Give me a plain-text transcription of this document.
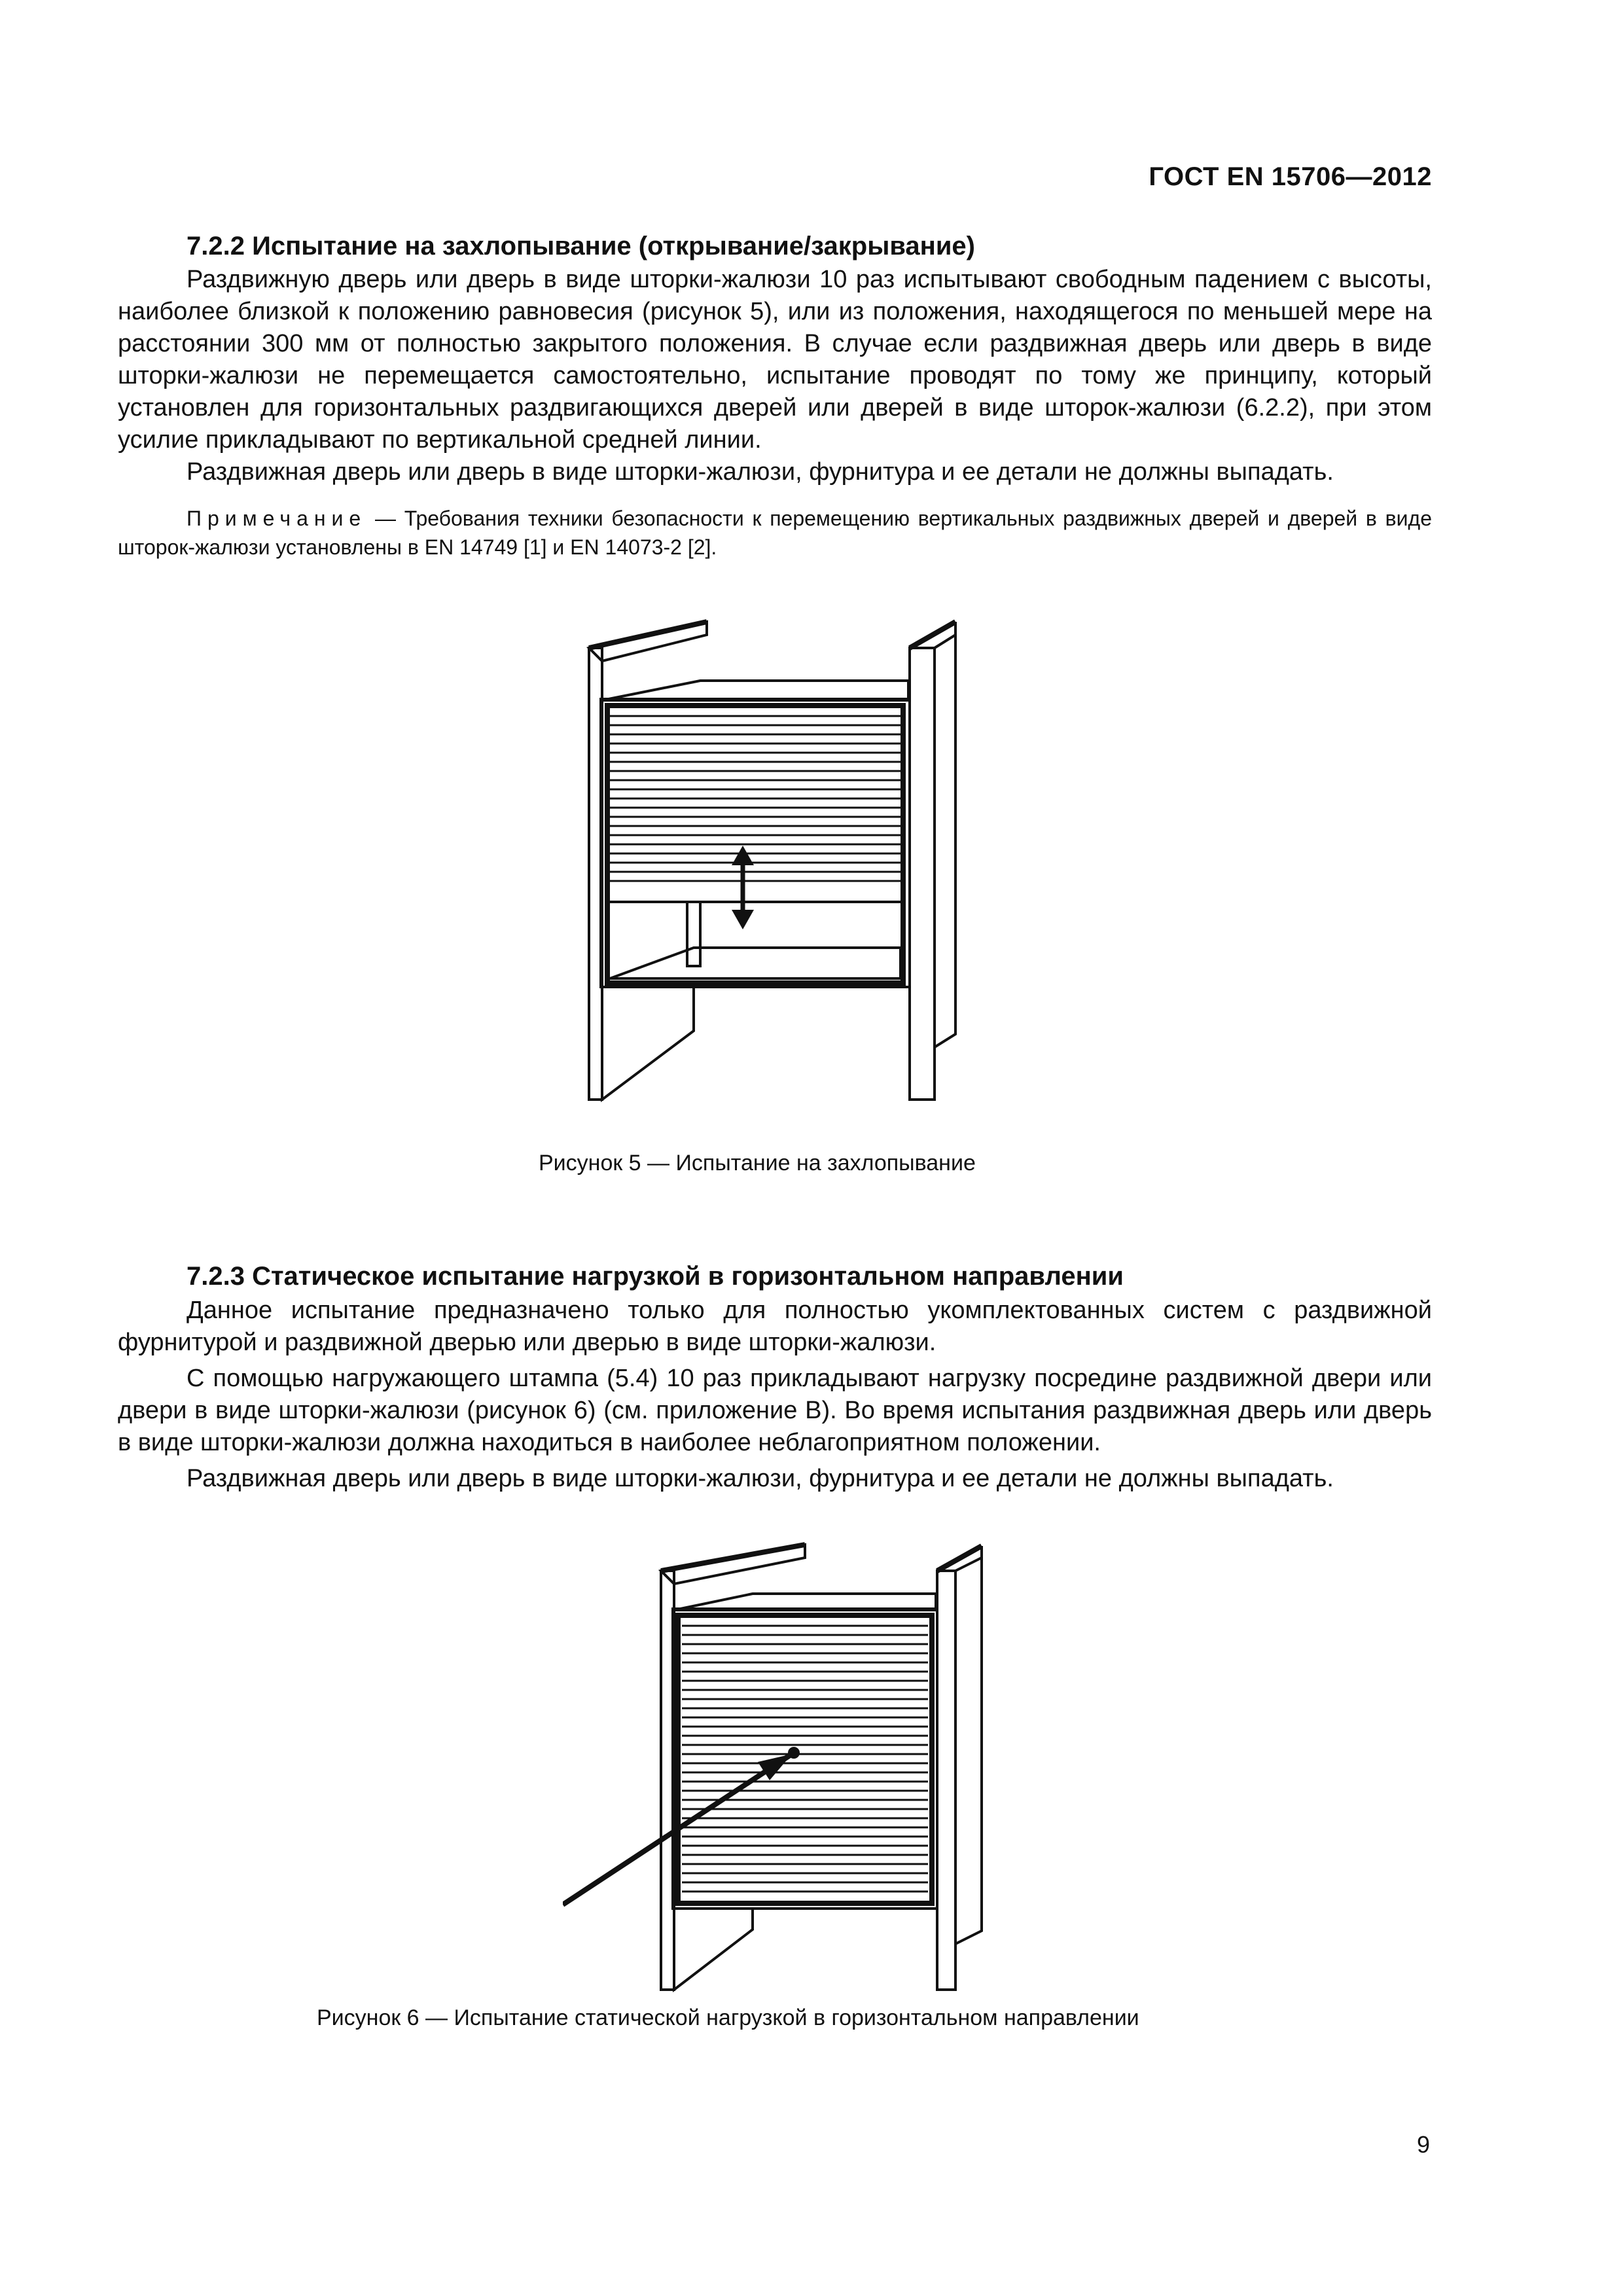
ГОСТ EN 15706—2012
7.2.2 Испытание на захлопывание (открывание/закрывание)

Раздвижную дверь или дверь в виде шторки-жалюзи 10 раз испытывают свободным падением с высоты, наиболее близкой к положению равновесия (рисунок 5), или из положения, находящегося по меньшей мере на расстоянии 300 мм от полностью закрытого положения. В случае если раздвижная дверь или дверь в виде шторки-жалюзи не перемещается самостоятельно, испытание проводят по тому же принципу, который установлен для горизонтальных раздвигающихся дверей или дверей в виде шторок-жалюзи (6.2.2), при этом усилие прикладывают по вертикальной средней линии.

Раздвижная дверь или дверь в виде шторки-жалюзи, фурнитура и ее детали не должны выпадать.

Примечание — Требования техники безопасности к перемещению вертикальных раздвижных дверей и дверей в виде шторок-жалюзи установлены в EN 14749 [1] и EN 14073-2 [2].

Рисунок 5 — Испытание на захлопывание
7.2.3 Статическое испытание нагрузкой в горизонтальном направлении

Данное испытание предназначено только для полностью укомплектованных систем с раздвижной фурнитурой и раздвижной дверью или дверью в виде шторки-жалюзи.

С помощью нагружающего штампа (5.4) 10 раз прикладывают нагрузку посредине раздвижной двери или двери в виде шторки-жалюзи (рисунок 6) (см. приложение В). Во время испытания раздвижная дверь или дверь в виде шторки-жалюзи должна находиться в наиболее неблагоприятном положении.

Раздвижная дверь или дверь в виде шторки-жалюзи, фурнитура и ее детали не должны выпадать.

Рисунок 6 — Испытание статической нагрузкой в горизонтальном направлении
9
